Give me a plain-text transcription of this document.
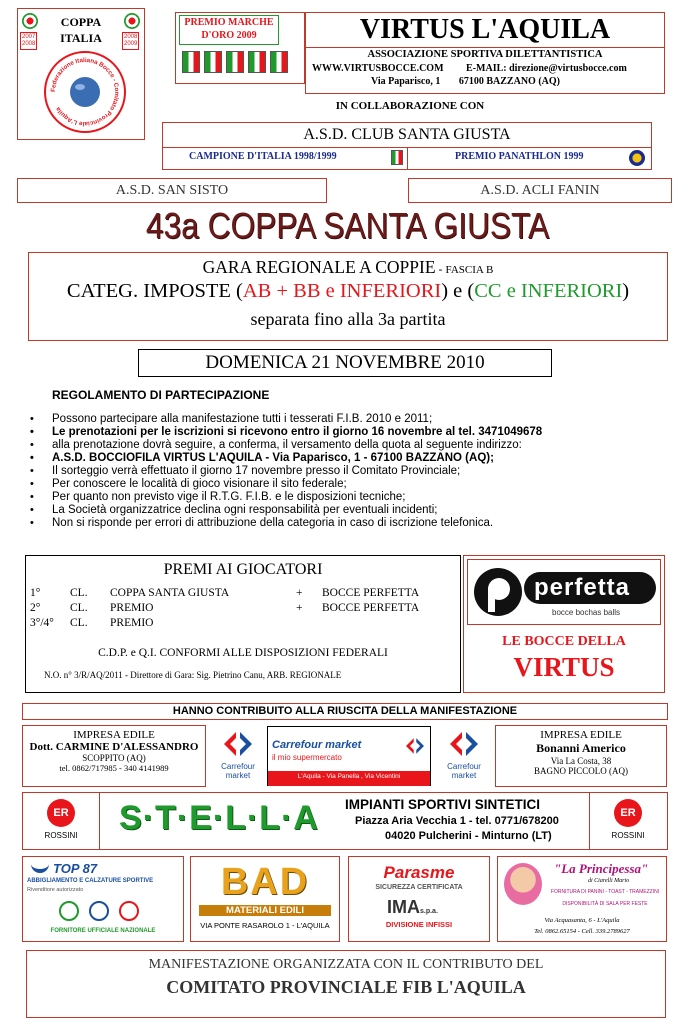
2007
2008
2008
2009
COPPA
ITALIA
Federazione Italiana Bocce - Comitato Provinciale L'Aquila
PREMIO MARCHE
D'ORO 2009	VIRTUS L'AQUILA
ASSOCIAZIONE SPORTIVA DILETTANTISTICA
WWW.VIRTUSBOCCE.COM E-MAIL: direzione@virtusbocce.com
Via Paparisco, 1 67100 BAZZANO (AQ)
IN COLLABORAZIONE CON
A.S.D. CLUB SANTA GIUSTA
CAMPIONE D'ITALIA 1998/1999	PREMIO PANATHLON 1999
A.S.D. SAN SISTO	A.S.D. ACLI FANIN
43a COPPA SANTA GIUSTA
GARA REGIONALE A COPPIE - FASCIA B
CATEG. IMPOSTE (AB + BB e INFERIORI) e (CC e INFERIORI)
separata fino alla 3a partita
DOMENICA 21 NOVEMBRE 2010
REGOLAMENTO DI PARTECIPAZIONE
• Possono partecipare alla manifestazione tutti i tesserati F.I.B. 2010 e 2011;
• Le prenotazioni per le iscrizioni si ricevono entro il giorno 16 novembre al tel. 3471049678
• alla prenotazione dovrà seguire, a conferma, il versamento della quota al seguente indirizzo:
• A.S.D. BOCCIOFILA VIRTUS L'AQUILA - Via Paparisco, 1 - 67100 BAZZANO (AQ);
• Il sorteggio verrà effettuato il giorno 17 novembre presso il Comitato Provinciale;
• Per conoscere le località di gioco visionare il sito federale;
• Per quanto non previsto vige il R.T.G. F.I.B. e le disposizioni tecniche;
• La Società organizzatrice declina ogni responsabilità per eventuali incidenti;
• Non si risponde per errori di attribuzione della categoria in caso di iscrizione telefonica.
PREMI AI GIOCATORI
1°	CL. COPPA SANTA GIUSTA	+ BOCCE PERFETTA
2°	CL. PREMIO	+ BOCCE PERFETTA
3°/4° CL. PREMIO
C.D.P. e Q.I. CONFORMI ALLE DISPOSIZIONI FEDERALI
N.O. n° 3/R/AQ/2011 - Direttore di Gara: Sig. Pietrino Canu, ARB. REGIONALE
perfetta
bocce bochas balls
LE BOCCE DELLA
VIRTUS
HANNO CONTRIBUITO ALLA RIUSCITA DELLA MANIFESTAZIONE
IMPRESA EDILE
Dott. CARMINE D'ALESSANDRO
SCOPPITO (AQ)
tel. 0862/717985 - 340 4141989	Carrefour
market
Carrefour market
il mio supermercato
L'Aquila - Via Panella , Via Vicentini
Carrefour
market
IMPRESA EDILE
Bonanni Americo
Via La Costa, 38
BAGNO PICCOLO (AQ)
ER
ROSSINI	S·T·E·L·L·A IMPIANTI SPORTIVI SINTETICI
Piazza Aria Vecchia 1 - tel. 0771/678200
04020 Pulcherini - Minturno (LT)
ER
ROSSINI
TOP 87
ABBIGLIAMENTO E CALZATURE SPORTIVE
Rivenditore autorizzato

FORNITORE UFFICIALE NAZIONALE
BAD
MATERIALI EDILI
VIA PONTE RASAROLO 1 - L'AQUILA
Parasme
SICUREZZA CERTIFICATA
IMAs.p.a.
DIVISIONE INFISSI
"La Principessa"
di Ciarelli Mario
FORNITURA DI PANINI - TOAST - TRAMEZZINI
DISPONIBILITÀ DI SALA PER FESTE
Via Acquasanta, 6 - L'Aquila
Tel. 0862.65154 - Cell. 339.2789627
MANIFESTAZIONE ORGANIZZATA CON IL CONTRIBUTO DEL
COMITATO PROVINCIALE FIB L'AQUILA
